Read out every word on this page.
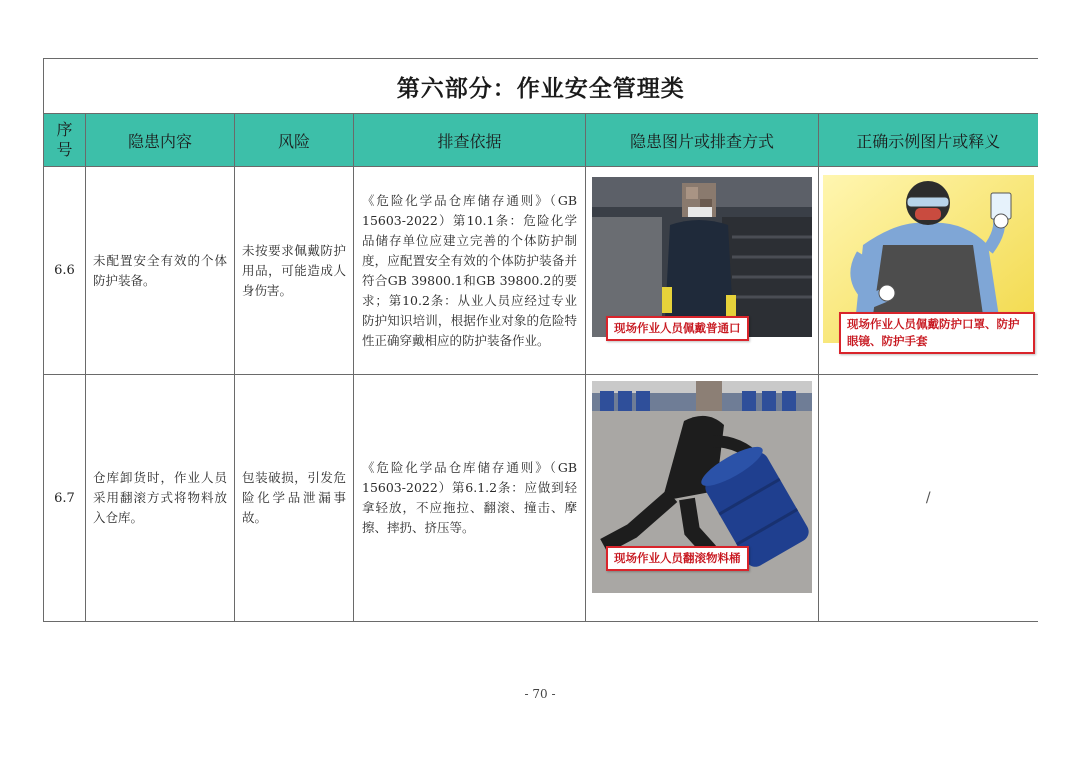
第六部分：作业安全管理类					
序号	隐患内容	风险	排查依据	隐患图片或排查方式	正确示例图片或释义
6.6	未配置安全有效的个体防护装备。	未按要求佩戴防护用品，可能造成人身伤害。	《危险化学品仓库储存通则》（GB 15603-2022）第10.1条：危险化学品储存单位应建立完善的个体防护制度，应配置安全有效的个体防护装备并符合GB 39800.1和GB 39800.2的要求；第10.2条：从业人员应经过专业防护知识培训，根据作业对象的危险特性正确穿戴相应的防护装备作业。	现场作业人员佩戴普通口	现场作业人员佩戴防护口罩、防护眼镜、防护手套

6.7	仓库卸货时，作业人员采用翻滚方式将物料放入仓库。	包装破损，引发危险化学品泄漏事故。	《危险化学品仓库储存通则》（GB 15603-2022）第6.1.2条：应做到轻拿轻放，不应拖拉、翻滚、撞击、摩擦、摔扔、挤压等。	现场作业人员翻滚物料桶	/
- 70 -
